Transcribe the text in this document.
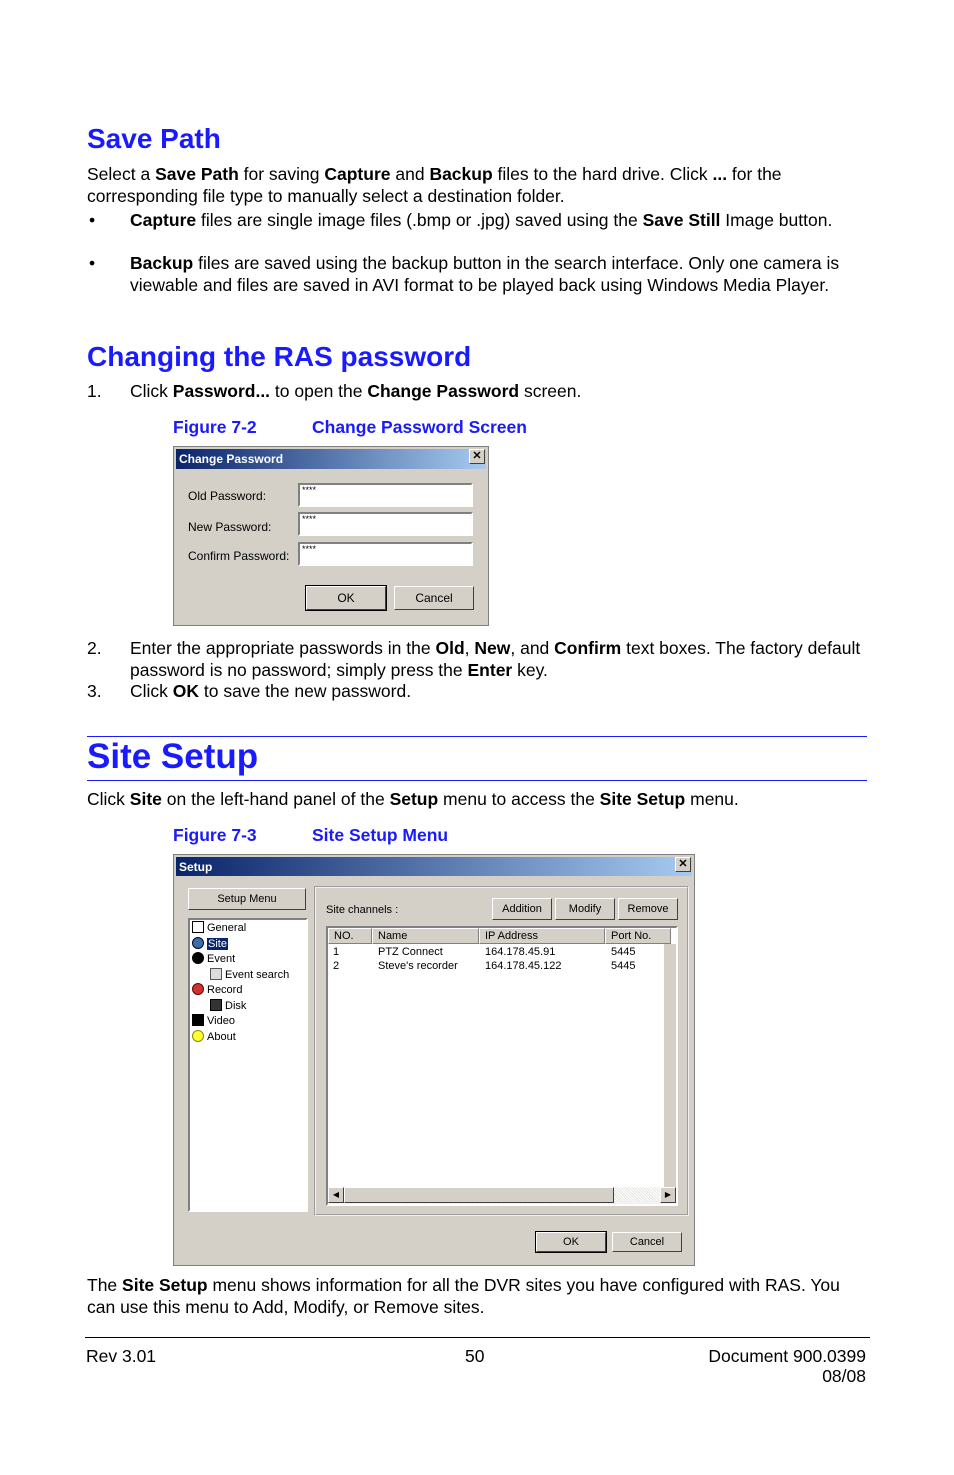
Save Path

Select a Save Path for saving Capture and Backup files to the hard drive. Click ... for the corresponding file type to manually select a destination folder.

• Capture files are single image files (.bmp or .jpg) saved using the Save Still Image button.
• Backup files are saved using the backup button in the search interface. Only one camera is viewable and files are saved in AVI format to be played back using Windows Media Player.
Changing the RAS password
1. Click Password... to open the Change Password screen.
Figure 7-2	Change Password Screen
Change Password	✕
Old Password:	****
New Password:
****
Confirm Password:	****
OK	Cancel
2. Enter the appropriate passwords in the Old, New, and Confirm text boxes. The factory default password is no password; simply press the Enter key.
3. Click OK to save the new password.
Site Setup

Click Site on the left-hand panel of the Setup menu to access the Site Setup menu.

Figure 7-3	Site Setup Menu
Setup	✕
Setup Menu
General
Site
Event
Event search
Record
Disk
Video
About
Site channels :	Addition	Modify	Remove
NO.	Name	IP Address	Port No.
1	PTZ Connect	164.178.45.91	5445
2	Steve's recorder 164.178.45.122	5445
◀	▶
OK	Cancel

The Site Setup menu shows information for all the DVR sites you have configured with RAS. You can use this menu to Add, Modify, or Remove sites.

Rev 3.01	50	Document 900.0399
08/08
